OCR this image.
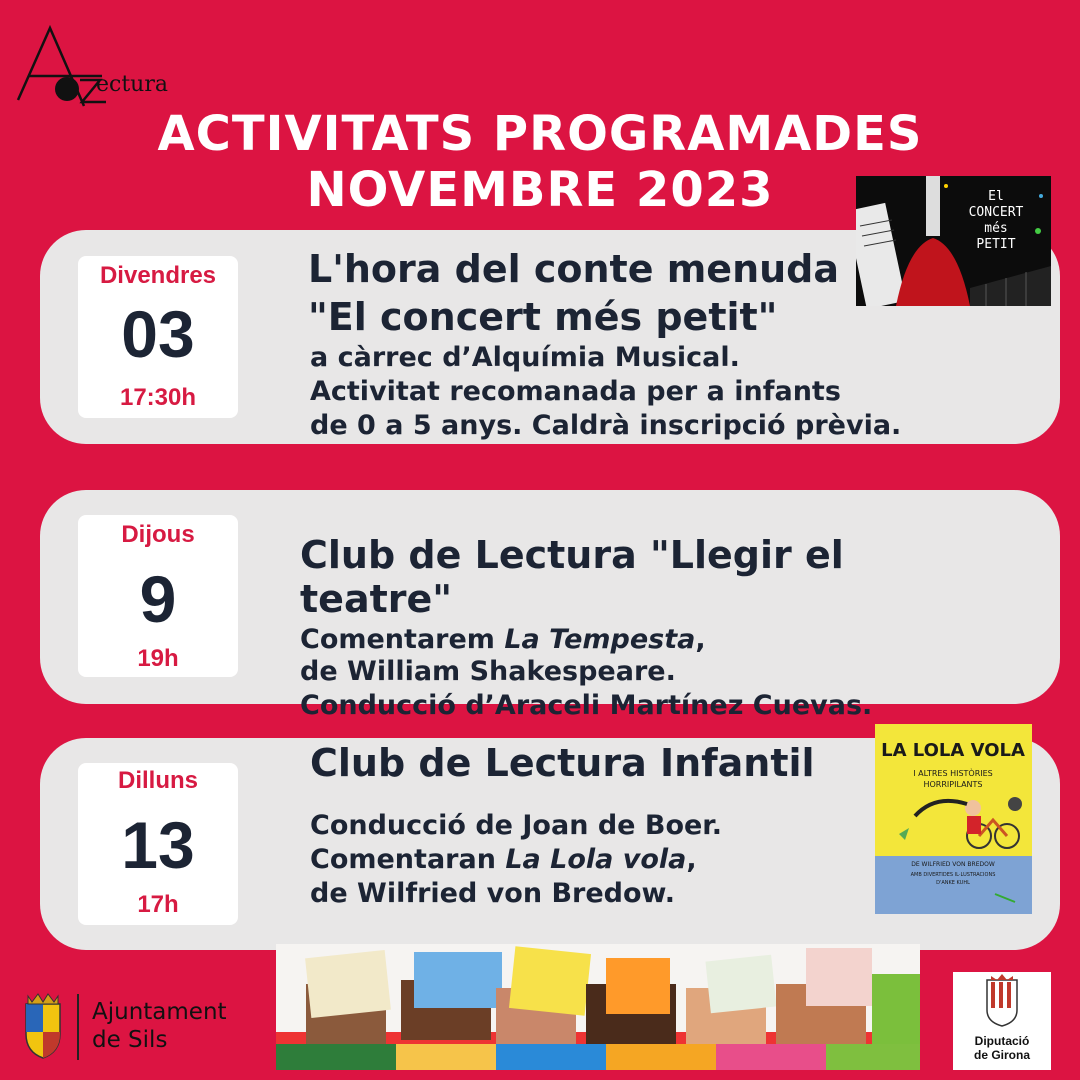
ectura
ACTIVITATS PROGRAMADES
NOVEMBRE 2023
Divendres
03
17:30h
L'hora del conte menuda
"El concert més petit"
a càrrec d’Alquímia Musical.
Activitat recomanada per a infants
de 0 a 5 anys. Caldrà inscripció prèvia.
El
CONCERT
més
PETIT
Dijous
9
19h
Club de Lectura "Llegir el
teatre"
Comentarem La Tempesta,
de William Shakespeare.
Conducció d’Araceli Martínez Cuevas.
Dilluns
13
17h
Club de Lectura Infantil
Conducció de Joan de Boer.
Comentaran La Lola vola,
de Wilfried von Bredow.
LA LOLA VOLA
I ALTRES HISTÒRIES
HORRIPILANTS
DE WILFRIED VON BREDOW
AMB DIVERTIDES IL·LUSTRACIONS
D'ANKE KUHL
Ajuntament
de Sils	Diputació
de Girona
